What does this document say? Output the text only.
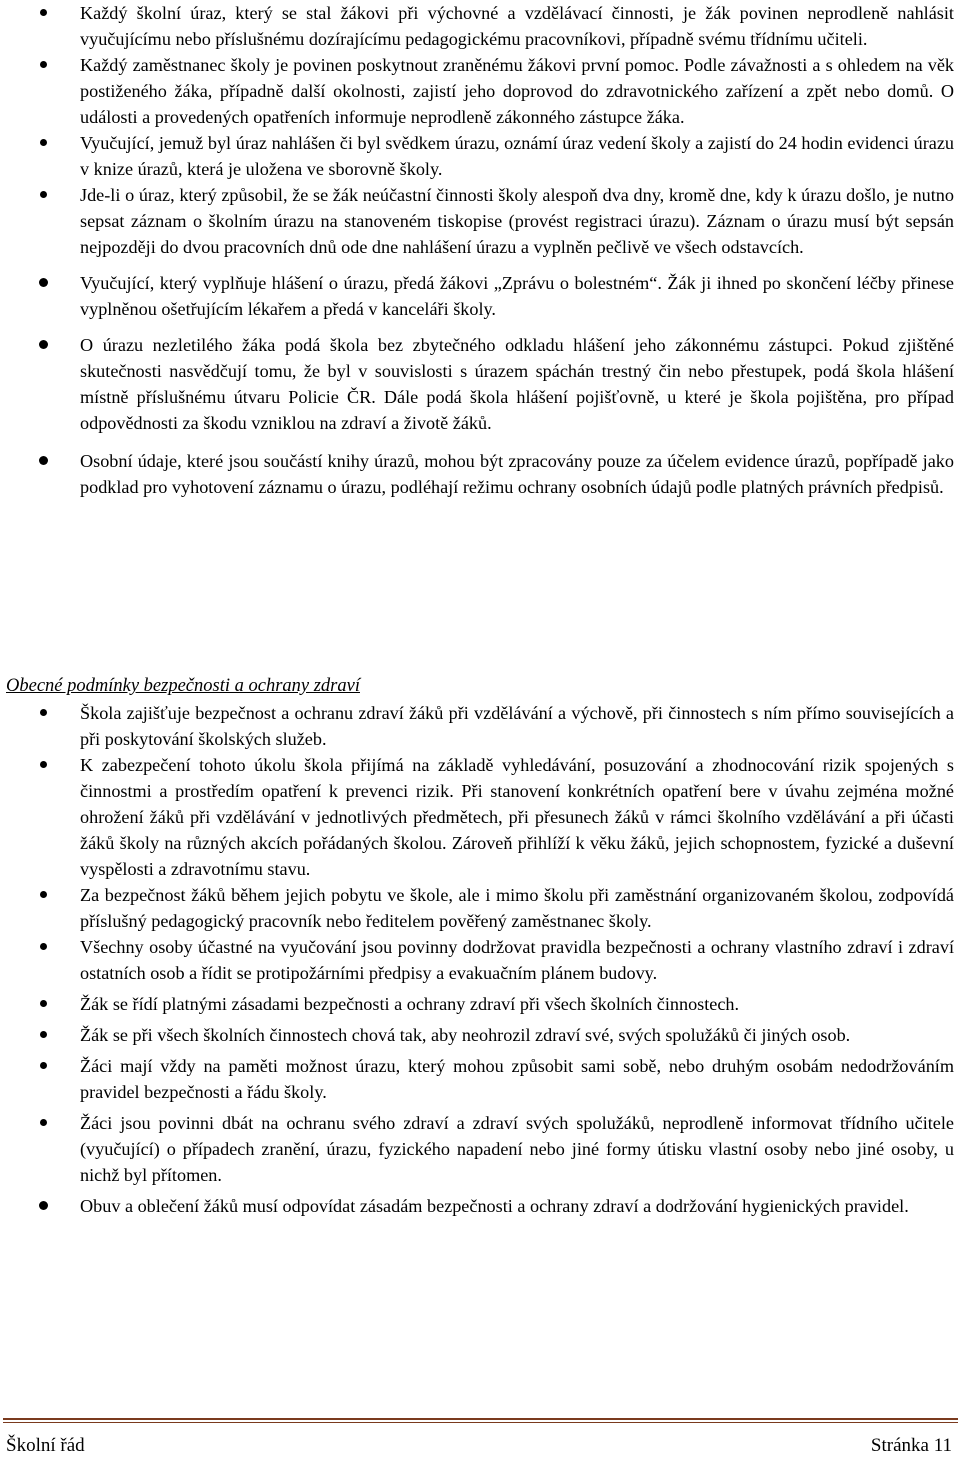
Každý školní úraz, který se stal žákovi při výchovné a vzdělávací činnosti, je žák povinen neprodleně nahlásit vyučujícímu nebo příslušnému dozírajícímu pedagogickému pracovníkovi, případně svému třídnímu učiteli.
Každý zaměstnanec školy je povinen poskytnout zraněnému žákovi první pomoc. Podle závažnosti a s ohledem na věk postiženého žáka, případně další okolnosti, zajistí jeho doprovod do zdravotnického zařízení a zpět nebo domů. O události a provedených opatřeních informuje neprodleně zákonného zástupce žáka.
Vyučující, jemuž byl úraz nahlášen či byl svědkem úrazu, oznámí úraz vedení školy a zajistí do 24 hodin evidenci úrazu v knize úrazů, která je uložena ve sborovně školy.
Jde-li o úraz, který způsobil, že se žák neúčastní činnosti školy alespoň dva dny, kromě dne, kdy k úrazu došlo, je nutno sepsat záznam o školním úrazu na stanoveném tiskopise (provést registraci úrazu). Záznam o úrazu musí být sepsán nejpozději do dvou pracovních dnů ode dne nahlášení úrazu a vyplněn pečlivě ve všech odstavcích.
Vyučující, který vyplňuje hlášení o úrazu, předá žákovi „Zprávu o bolestném“. Žák ji ihned po skončení léčby přinese vyplněnou ošetřujícím lékařem a předá v kanceláři školy.
O úrazu nezletilého žáka podá škola bez zbytečného odkladu hlášení jeho zákonnému zástupci. Pokud zjištěné skutečnosti nasvědčují tomu, že byl v souvislosti s úrazem spáchán trestný čin nebo přestupek, podá škola hlášení místně příslušnému útvaru Policie ČR. Dále podá škola hlášení pojišťovně, u které je škola pojištěna, pro případ odpovědnosti za škodu vzniklou na zdraví a životě žáků.
Osobní údaje, které jsou součástí knihy úrazů, mohou být zpracovány pouze za účelem evidence úrazů, popřípadě jako podklad pro vyhotovení záznamu o úrazu, podléhají režimu ochrany osobních údajů podle platných právních předpisů.
Obecné podmínky bezpečnosti a ochrany zdraví
Škola zajišťuje bezpečnost a ochranu zdraví žáků při vzdělávání a výchově, při činnostech s ním přímo souvisejících a při poskytování školských služeb.
K zabezpečení tohoto úkolu škola přijímá na základě vyhledávání, posuzování a zhodnocování rizik spojených s činnostmi a prostředím opatření k prevenci rizik. Při stanovení konkrétních opatření bere v úvahu zejména možné ohrožení žáků při vzdělávání v jednotlivých předmětech, při přesunech žáků v rámci školního vzdělávání a při účasti žáků školy na různých akcích pořádaných školou. Zároveň přihlíží k věku žáků, jejich schopnostem, fyzické a duševní vyspělosti a zdravotnímu stavu.
Za bezpečnost žáků během jejich pobytu ve škole, ale i mimo školu při zaměstnání organizovaném školou, zodpovídá příslušný pedagogický pracovník nebo ředitelem pověřený zaměstnanec školy.
Všechny osoby účastné na vyučování jsou povinny dodržovat pravidla bezpečnosti a ochrany vlastního zdraví i zdraví ostatních osob a řídit se protipožárními předpisy a evakuačním plánem budovy.
Žák se řídí platnými zásadami bezpečnosti a ochrany zdraví při všech školních činnostech.
Žák se při všech školních činnostech chová tak, aby neohrozil zdraví své, svých spolužáků či jiných osob.
Žáci mají vždy na paměti možnost úrazu, který mohou způsobit sami sobě, nebo druhým osobám nedodržováním pravidel bezpečnosti a řádu školy.
Žáci jsou povinni dbát na ochranu svého zdraví a zdraví svých spolužáků, neprodleně informovat třídního učitele (vyučující) o případech zranění, úrazu, fyzického napadení nebo jiné formy útisku vlastní osoby nebo jiné osoby, u nichž byl přítomen.
Obuv a oblečení žáků musí odpovídat zásadám bezpečnosti a ochrany zdraví a dodržování hygienických pravidel.
Školní řád	Stránka 11
